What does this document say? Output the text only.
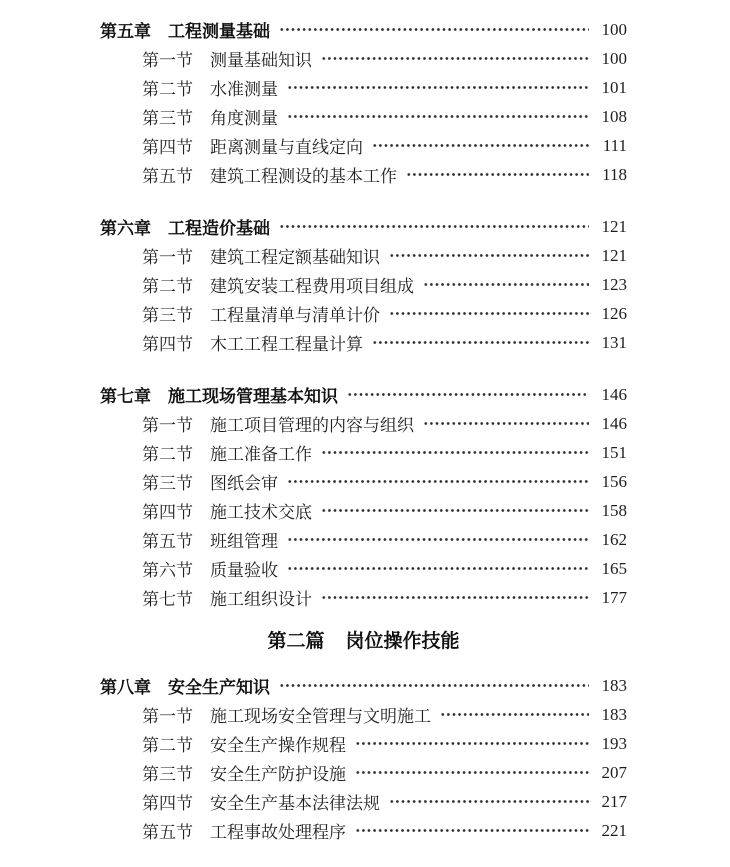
第五章 工程测量基础	100
第一节 测量基础知识	100
第二节 水准测量	101
第三节 角度测量	108
第四节 距离测量与直线定向	111
第五节 建筑工程测设的基本工作	118
第六章 工程造价基础	121
第一节 建筑工程定额基础知识	121
第二节 建筑安装工程费用项目组成	123
第三节 工程量清单与清单计价	126
第四节 木工工程工程量计算	131
第七章 施工现场管理基本知识	146
第一节 施工项目管理的内容与组织	146
第二节 施工准备工作	151
第三节 图纸会审	156
第四节 施工技术交底	158
第五节 班组管理	162
第六节 质量验收	165
第七节 施工组织设计	177
第二篇 岗位操作技能
第八章 安全生产知识	183
第一节 施工现场安全管理与文明施工	183
第二节 安全生产操作规程	193
第三节 安全生产防护设施	207
第四节 安全生产基本法律法规	217
第五节 工程事故处理程序	221
